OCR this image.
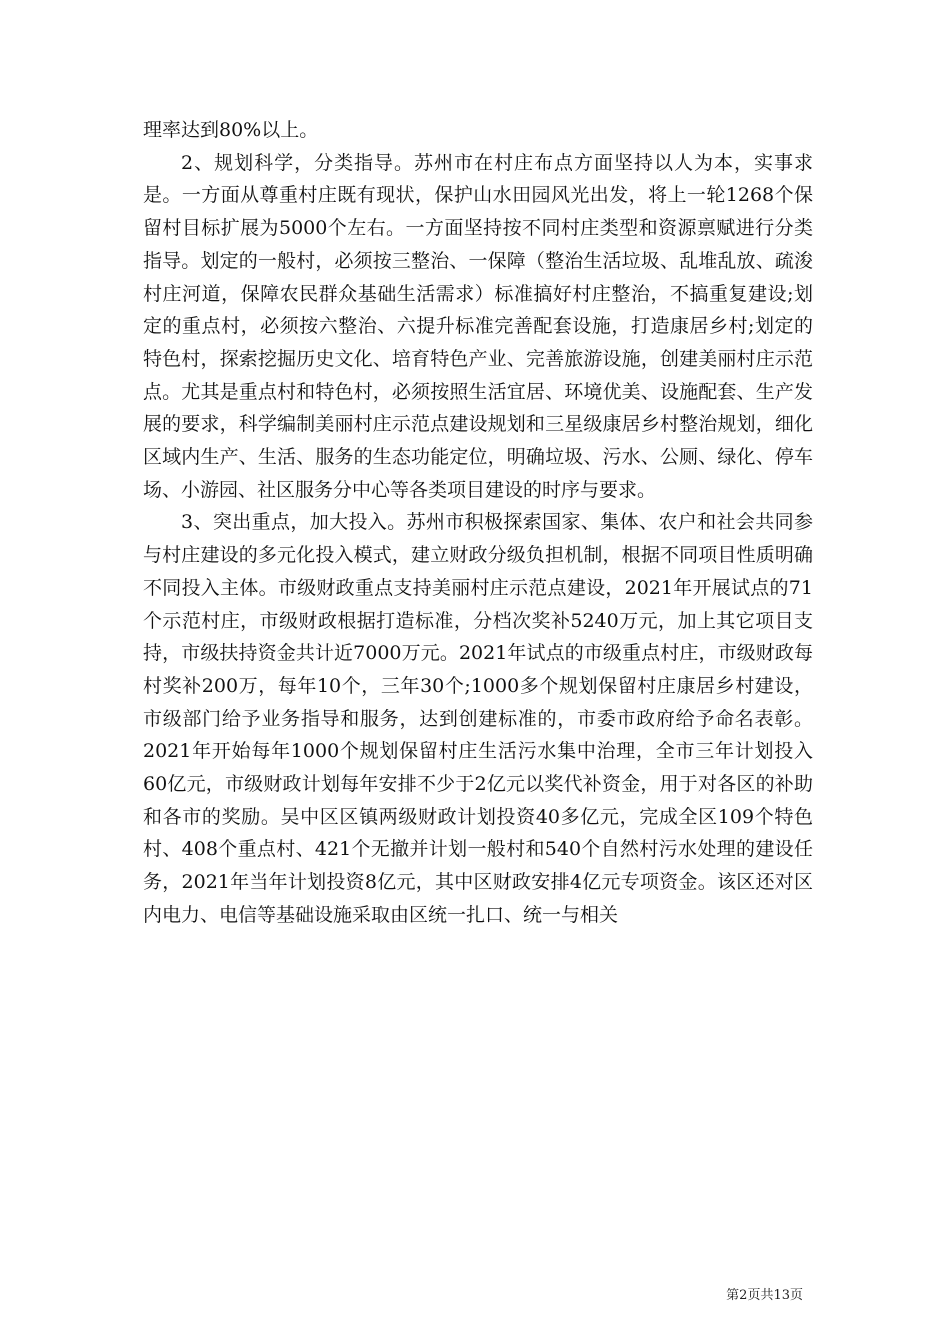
理率达到80%以上。

2、规划科学，分类指导。苏州市在村庄布点方面坚持以人为本，实事求是。一方面从尊重村庄既有现状，保护山水田园风光出发，将上一轮1268个保留村目标扩展为5000个左右。一方面坚持按不同村庄类型和资源禀赋进行分类指导。划定的一般村，必须按三整治、一保障（整治生活垃圾、乱堆乱放、疏浚村庄河道，保障农民群众基础生活需求）标准搞好村庄整治，不搞重复建设;划定的重点村，必须按六整治、六提升标准完善配套设施，打造康居乡村;划定的特色村，探索挖掘历史文化、培育特色产业、完善旅游设施，创建美丽村庄示范点。尤其是重点村和特色村，必须按照生活宜居、环境优美、设施配套、生产发展的要求，科学编制美丽村庄示范点建设规划和三星级康居乡村整治规划，细化区域内生产、生活、服务的生态功能定位，明确垃圾、污水、公厕、绿化、停车场、小游园、社区服务分中心等各类项目建设的时序与要求。

3、突出重点，加大投入。苏州市积极探索国家、集体、农户和社会共同参与村庄建设的多元化投入模式，建立财政分级负担机制，根据不同项目性质明确不同投入主体。市级财政重点支持美丽村庄示范点建设，2021年开展试点的71个示范村庄，市级财政根据打造标准，分档次奖补5240万元，加上其它项目支持，市级扶持资金共计近7000万元。2021年试点的市级重点村庄，市级财政每村奖补200万，每年10个，三年30个;1000多个规划保留村庄康居乡村建设，市级部门给予业务指导和服务，达到创建标准的，市委市政府给予命名表彰。2021年开始每年1000个规划保留村庄生活污水集中治理，全市三年计划投入60亿元，市级财政计划每年安排不少于2亿元以奖代补资金，用于对各区的补助和各市的奖励。吴中区区镇两级财政计划投资40多亿元，完成全区109个特色村、408个重点村、421个无撤并计划一般村和540个自然村污水处理的建设任务，2021年当年计划投资8亿元，其中区财政安排4亿元专项资金。该区还对区内电力、电信等基础设施采取由区统一扎口、统一与相关

第2页共13页
